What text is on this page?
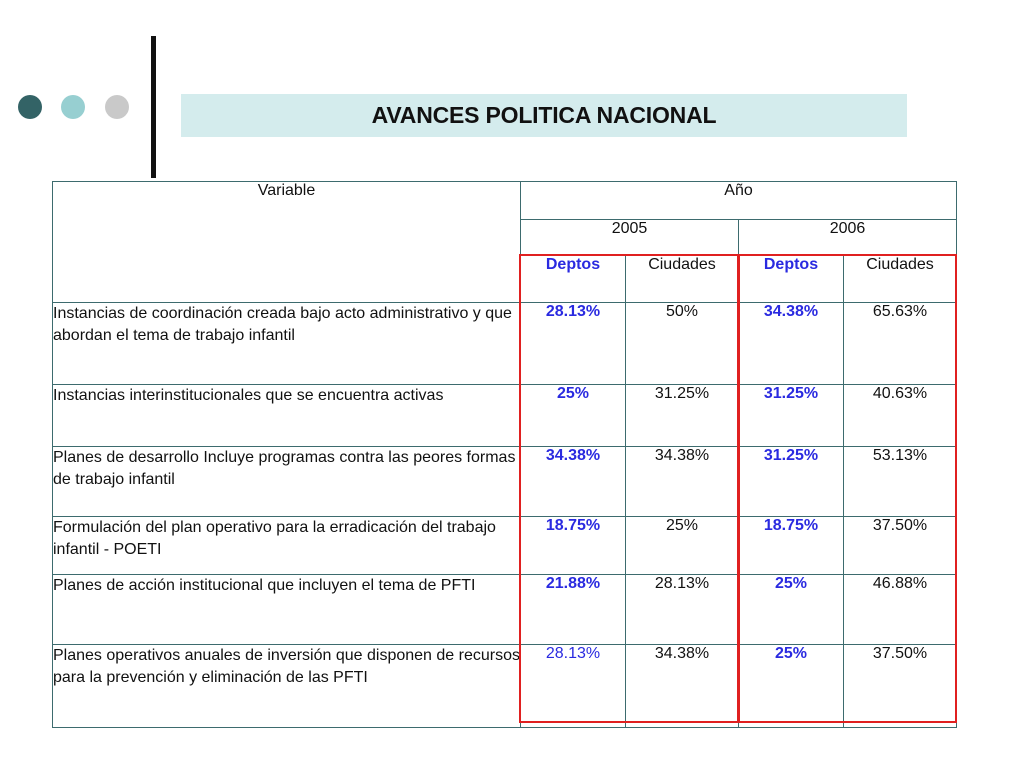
AVANCES POLITICA NACIONAL
Variable	Año			
	2005		2006	
	Deptos	Ciudades	Deptos	Ciudades
Instancias de coordinación creada bajo acto administrativo y que abordan el tema de trabajo infantil	28.13%	50%	34.38%	65.63%
Instancias interinstitucionales que se encuentra activas	25%	31.25%	31.25%	40.63%
Planes de desarrollo Incluye programas contra las peores formas de trabajo infantil	34.38%	34.38%	31.25%	53.13%
Formulación del plan operativo para la erradicación del trabajo infantil - POETI	18.75%	25%	18.75%	37.50%
Planes de acción institucional que incluyen el tema de PFTI	21.88%	28.13%	25%	46.88%
Planes operativos anuales de inversión que disponen de recursos para la prevención y eliminación de las PFTI	28.13%	34.38%	25%	37.50%
